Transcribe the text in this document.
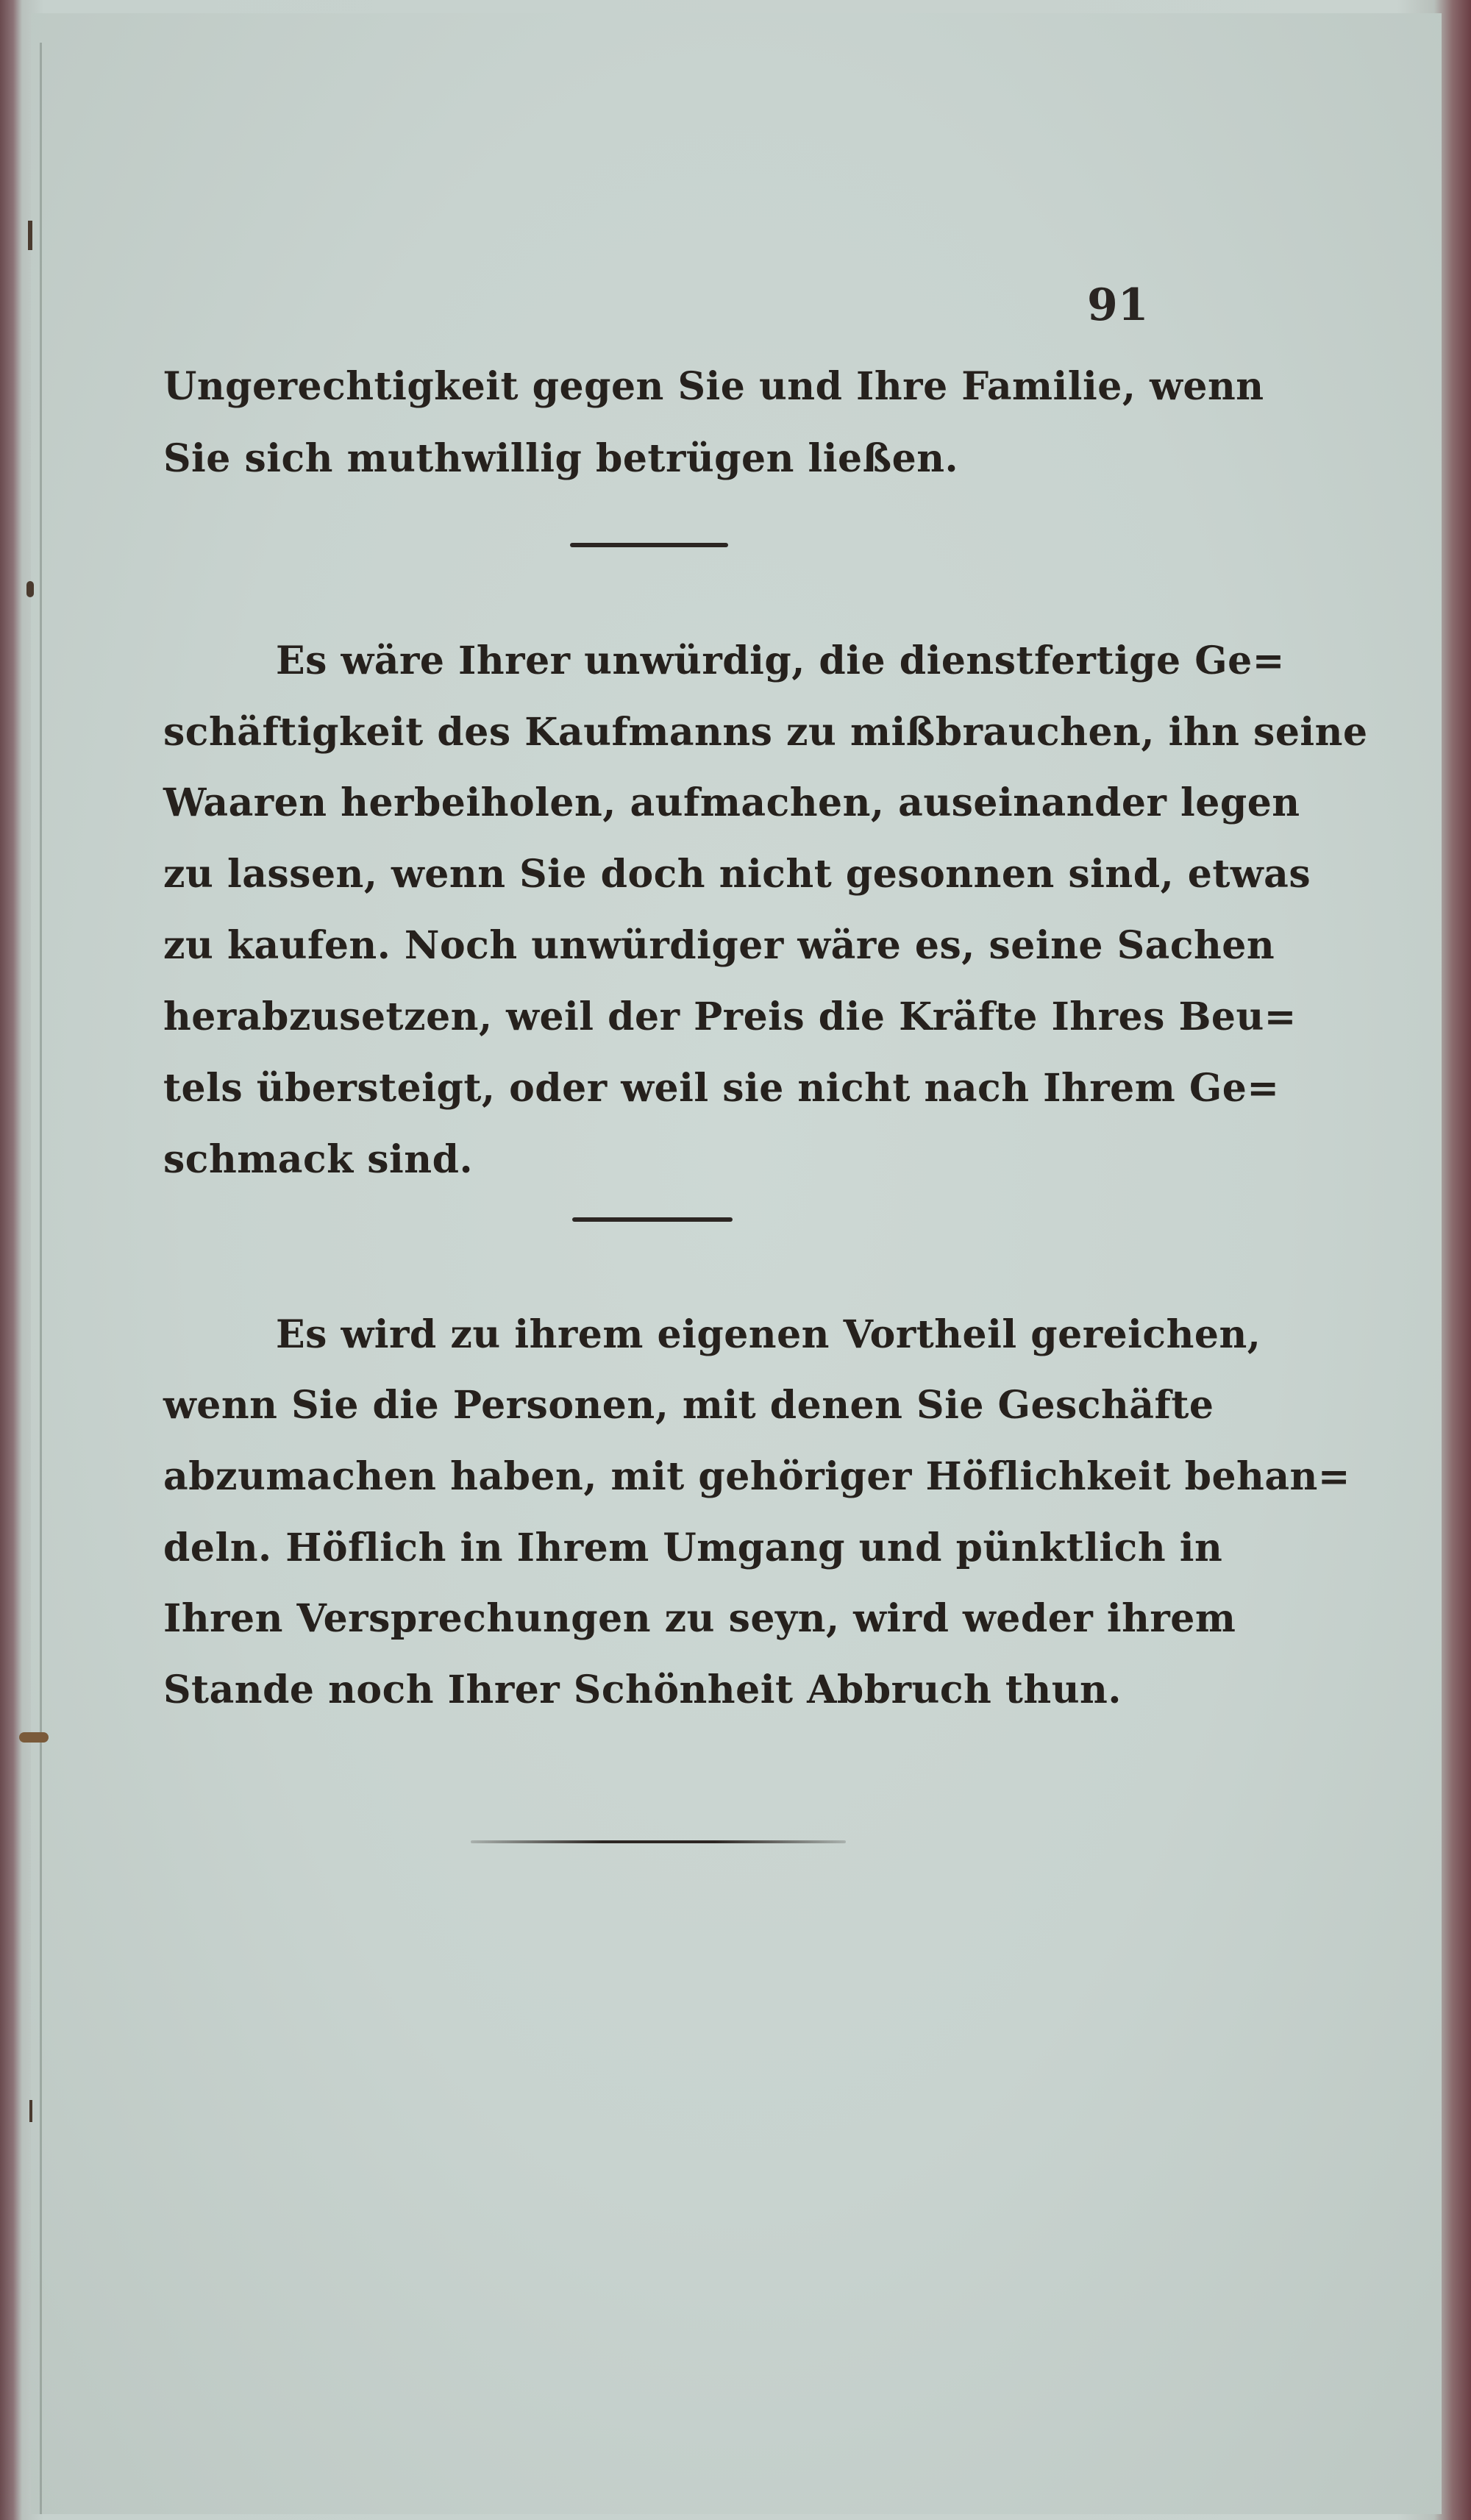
91
Ungerechtigkeit gegen Sie und Ihre Familie, wenn
Sie sich muthwillig betrügen ließen.
Es wäre Ihrer unwürdig, die dienstfertige Ge=
schäftigkeit des Kaufmanns zu mißbrauchen, ihn seine
Waaren herbeiholen, aufmachen, auseinander legen
zu lassen, wenn Sie doch nicht gesonnen sind, etwas
zu kaufen. Noch unwürdiger wäre es, seine Sachen
herabzusetzen, weil der Preis die Kräfte Ihres Beu=
tels übersteigt, oder weil sie nicht nach Ihrem Ge=
schmack sind.
Es wird zu ihrem eigenen Vortheil gereichen,
wenn Sie die Personen, mit denen Sie Geschäfte
abzumachen haben, mit gehöriger Höflichkeit behan=
deln. Höflich in Ihrem Umgang und pünktlich in
Ihren Versprechungen zu seyn, wird weder ihrem
Stande noch Ihrer Schönheit Abbruch thun.
